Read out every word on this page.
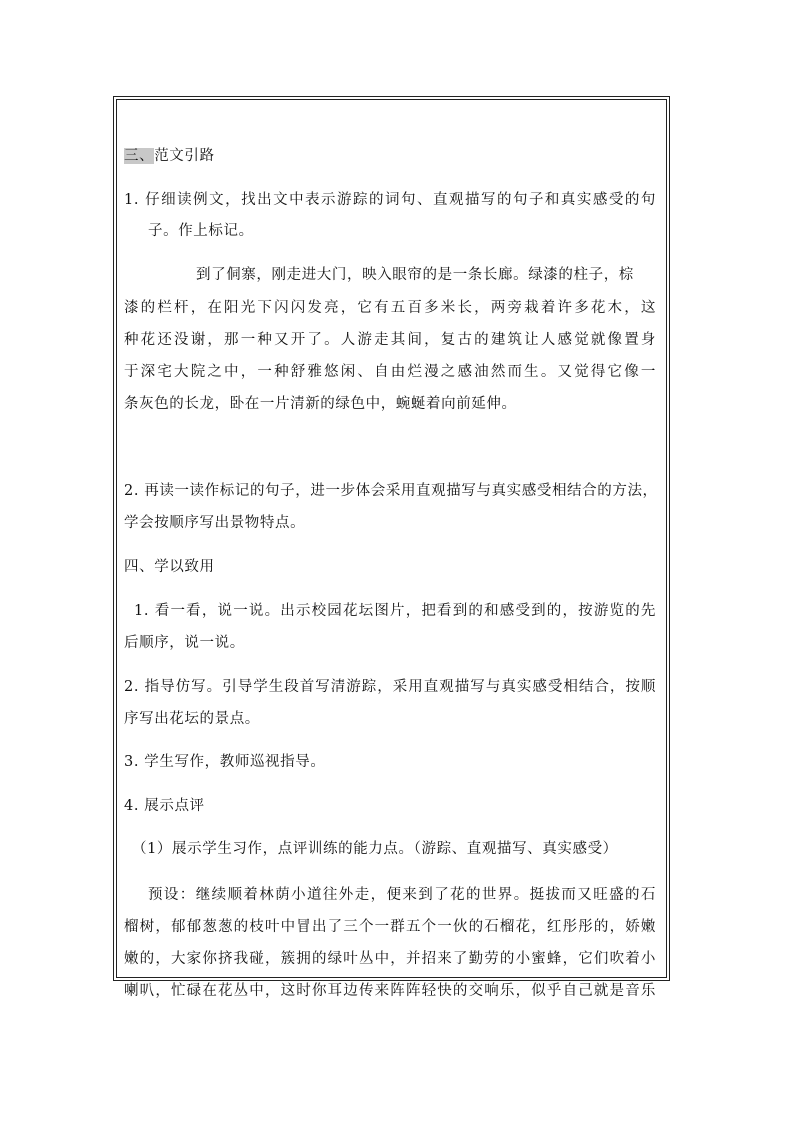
三、范文引路
1. 仔细读例文，找出文中表示游踪的词句、直观描写的句子和真实感受的句
子。作上标记。
到了侗寨，刚走进大门，映入眼帘的是一条长廊。绿漆的柱子，棕
漆的栏杆，在阳光下闪闪发亮，它有五百多米长，两旁栽着许多花木，这
种花还没谢，那一种又开了。人游走其间，复古的建筑让人感觉就像置身
于深宅大院之中，一种舒雅悠闲、自由烂漫之感油然而生。又觉得它像一
条灰色的长龙，卧在一片清新的绿色中，蜿蜒着向前延伸。
2. 再读一读作标记的句子，进一步体会采用直观描写与真实感受相结合的方法，
学会按顺序写出景物特点。
四、学以致用
1. 看一看，说一说。出示校园花坛图片，把看到的和感受到的，按游览的先
后顺序，说一说。
2. 指导仿写。引导学生段首写清游踪，采用直观描写与真实感受相结合，按顺
序写出花坛的景点。
3. 学生写作，教师巡视指导。
4. 展示点评
（1）展示学生习作，点评训练的能力点。（游踪、直观描写、真实感受）
预设：继续顺着林荫小道往外走，便来到了花的世界。挺拔而又旺盛的石
榴树，郁郁葱葱的枝叶中冒出了三个一群五个一伙的石榴花，红彤彤的，娇嫩
嫩的，大家你挤我碰，簇拥的绿叶丛中，并招来了勤劳的小蜜蜂，它们吹着小
喇叭，忙碌在花丛中，这时你耳边传来阵阵轻快的交响乐，似乎自己就是音乐
